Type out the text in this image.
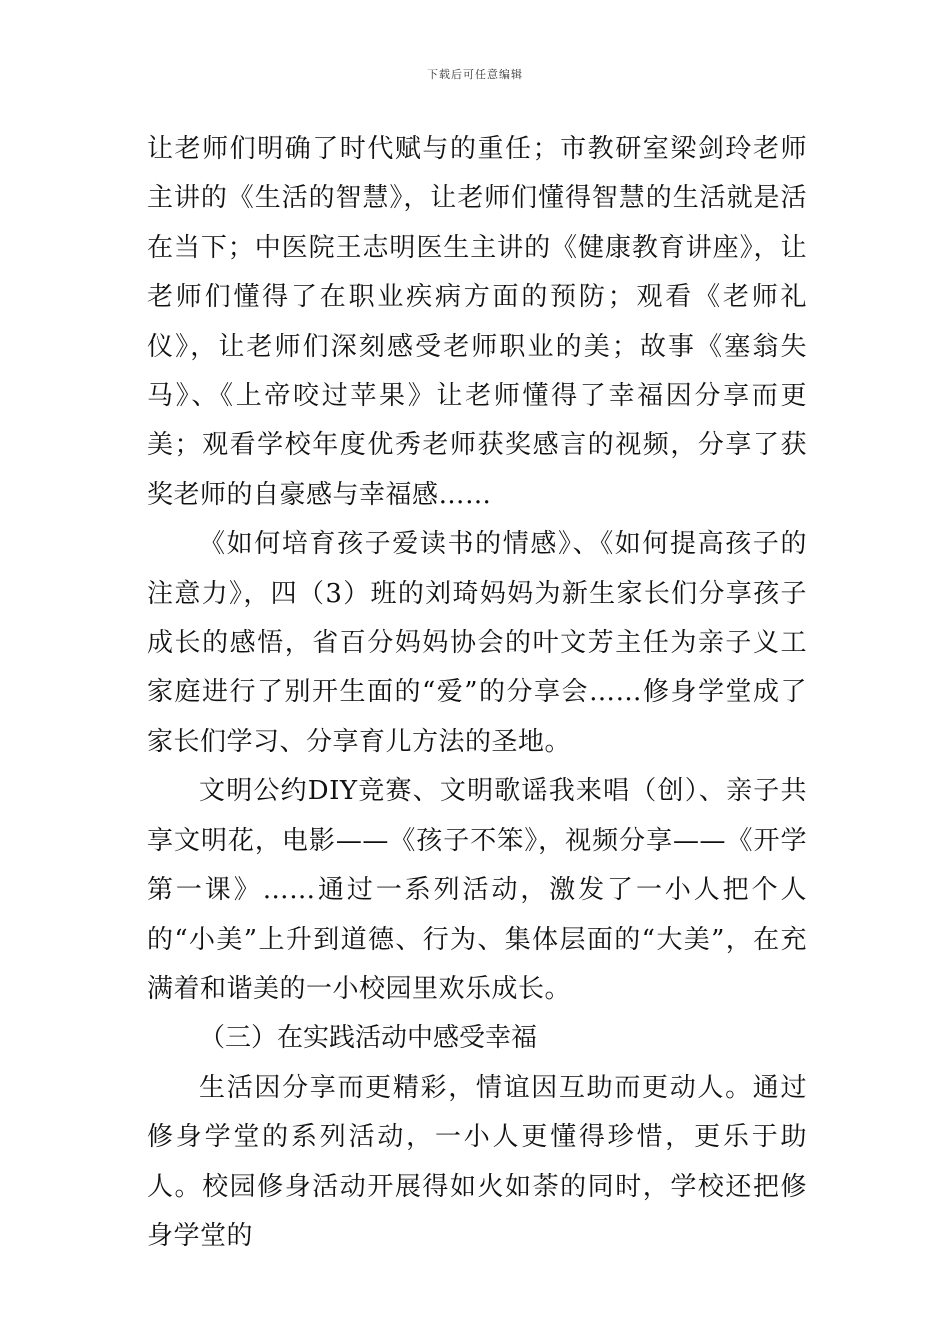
下载后可任意编辑

让老师们明确了时代赋与的重任；市教研室梁剑玲老师主讲的《生活的智慧》，让老师们懂得智慧的生活就是活在当下；中医院王志明医生主讲的《健康教育讲座》，让老师们懂得了在职业疾病方面的预防；观看《老师礼仪》，让老师们深刻感受老师职业的美；故事《塞翁失马》、《上帝咬过苹果》让老师懂得了幸福因分享而更美；观看学校年度优秀老师获奖感言的视频，分享了获奖老师的自豪感与幸福感……

《如何培育孩子爱读书的情感》、《如何提高孩子的注意力》，四（3）班的刘琦妈妈为新生家长们分享孩子成长的感悟，省百分妈妈协会的叶文芳主任为亲子义工家庭进行了别开生面的“爱”的分享会……修身学堂成了家长们学习、分享育儿方法的圣地。

文明公约DIY竞赛、文明歌谣我来唱（创）、亲子共享文明花，电影——《孩子不笨》，视频分享——《开学第一课》……通过一系列活动，激发了一小人把个人的“小美”上升到道德、行为、集体层面的“大美”，在充满着和谐美的一小校园里欢乐成长。

（三）在实践活动中感受幸福

生活因分享而更精彩，情谊因互助而更动人。通过修身学堂的系列活动，一小人更懂得珍惜，更乐于助人。校园修身活动开展得如火如荼的同时，学校还把修身学堂的
